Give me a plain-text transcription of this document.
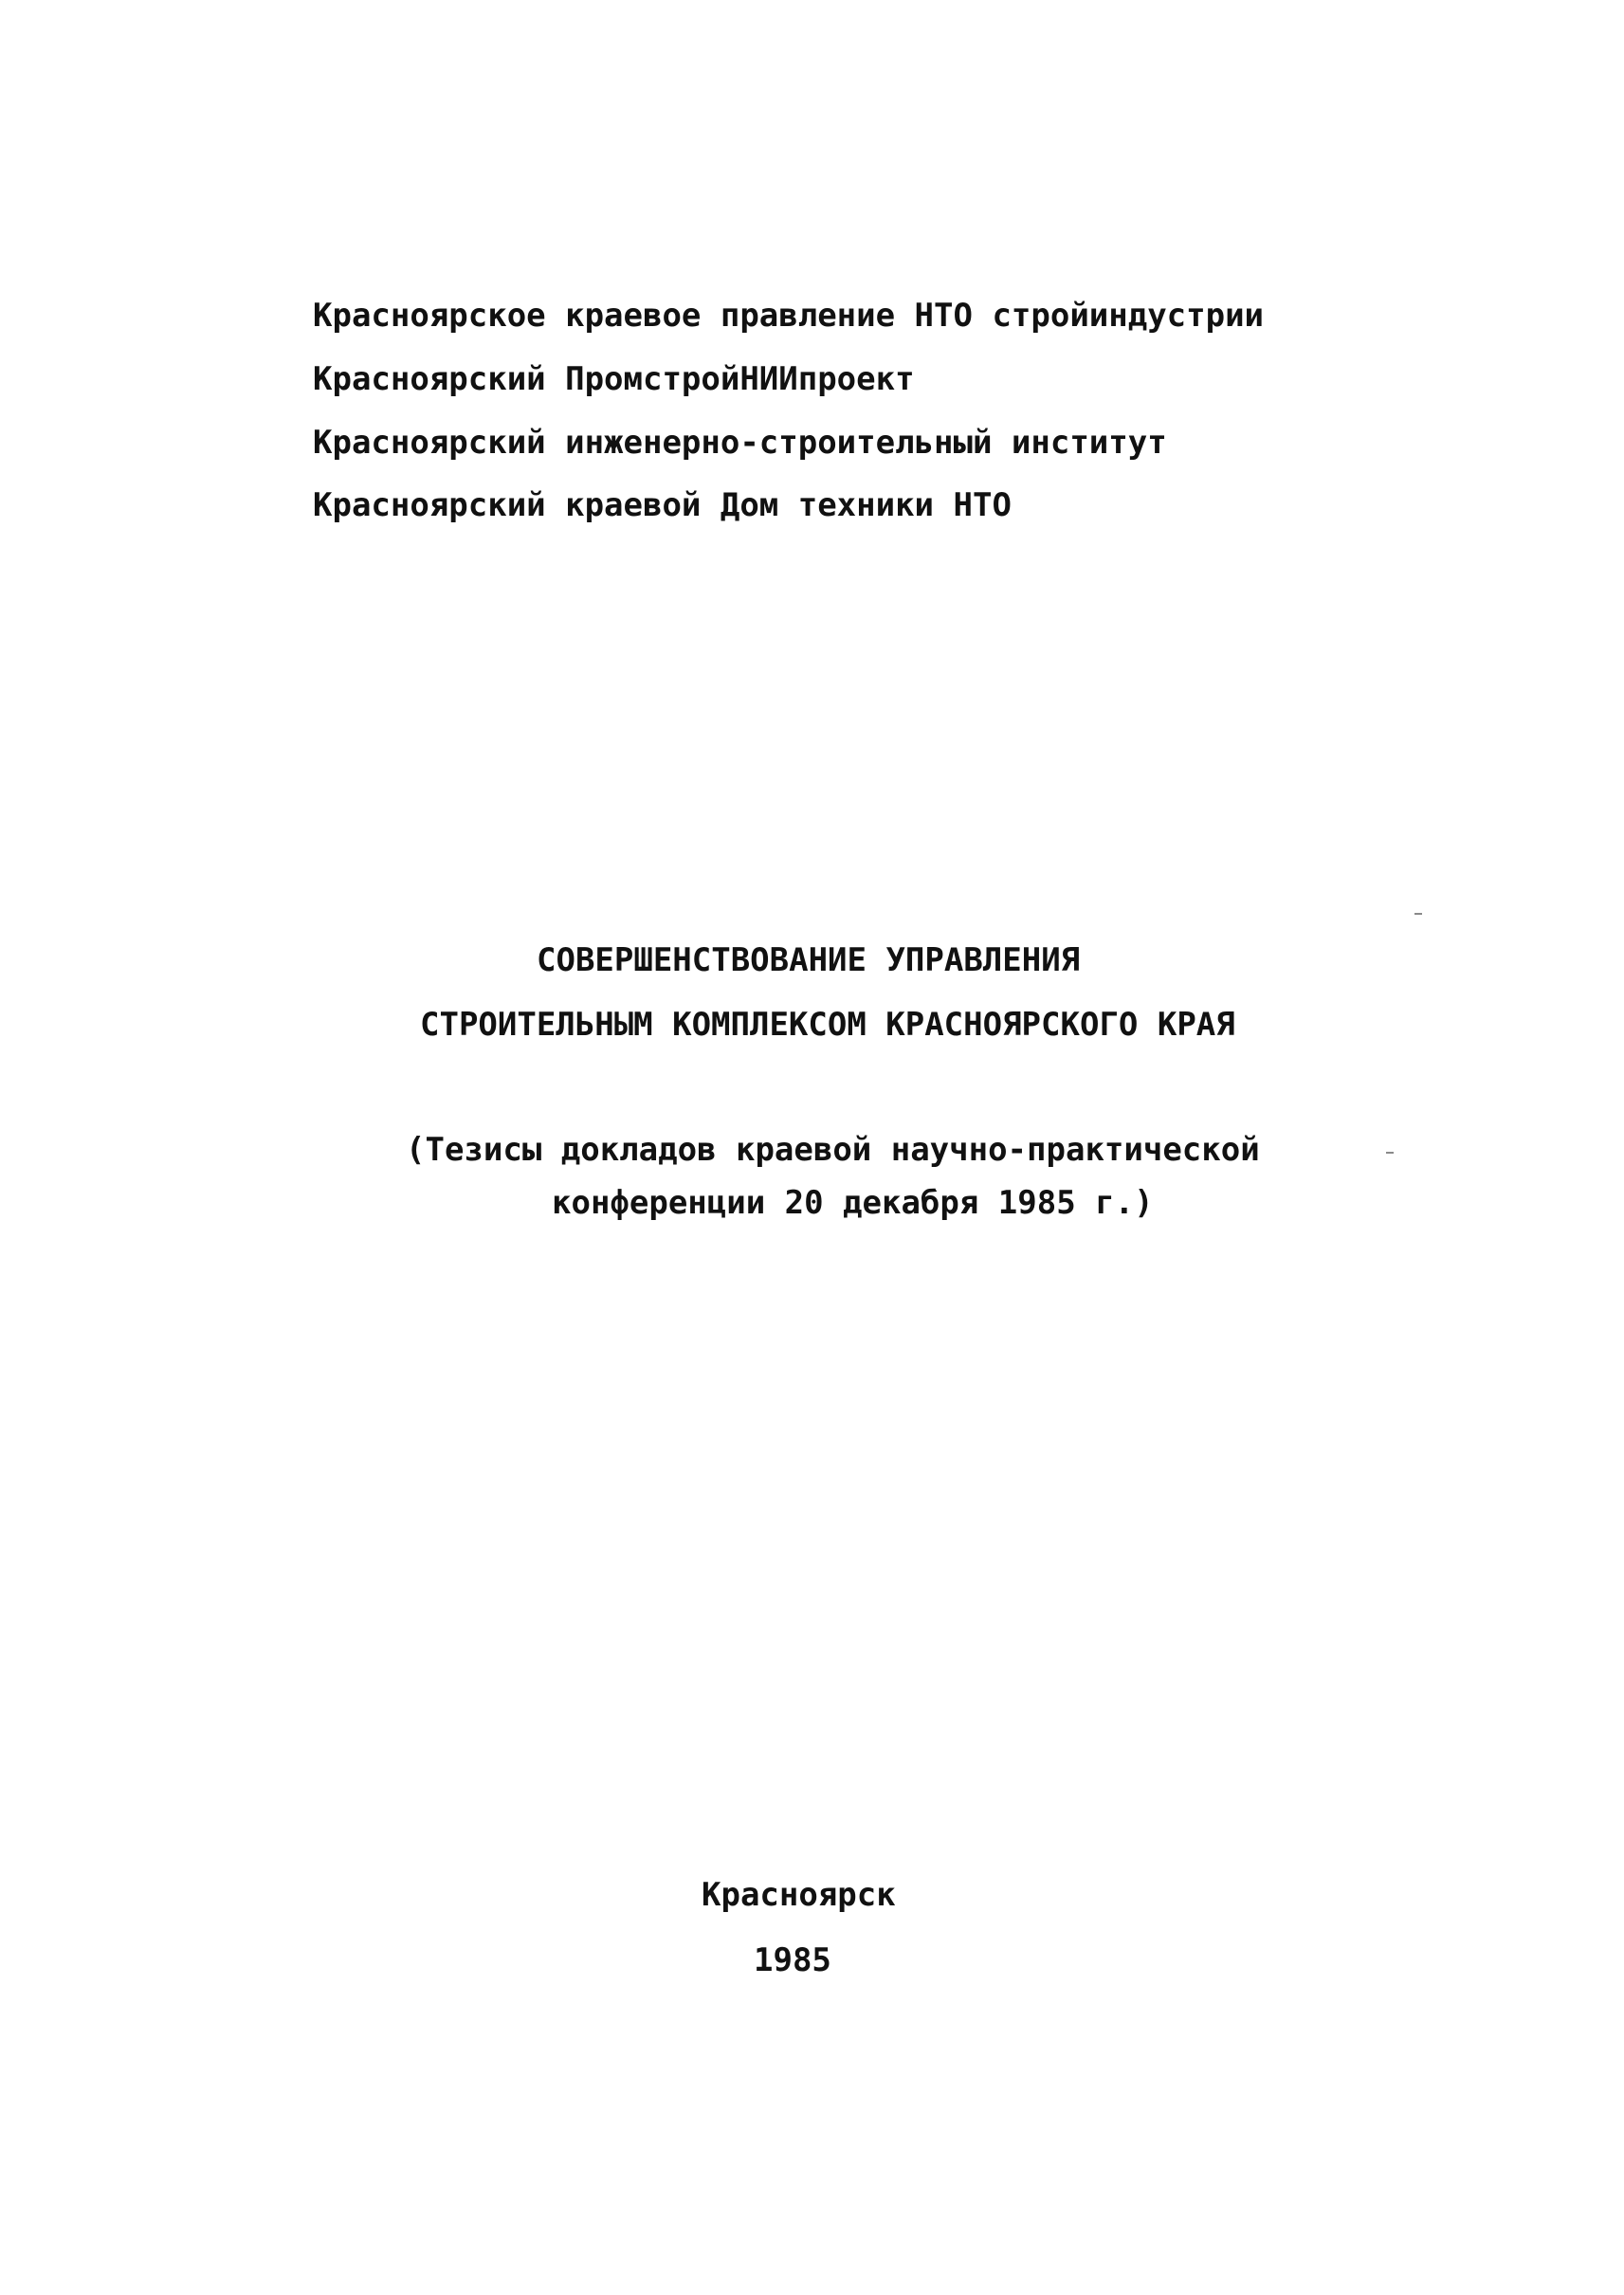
Красноярское краевое правление НТО стройиндустрии
Красноярский ПромстройНИИпроект
Красноярский инженерно-строительный институт
Красноярский краевой Дом техники НТО
СОВЕРШЕНСТВОВАНИЕ УПРАВЛЕНИЯ
СТРОИТЕЛЬНЫМ КОМПЛЕКСОМ КРАСНОЯРСКОГО КРАЯ
(Тезисы докладов краевой научно-практической
конференции 20 декабря 1985 г.)
Красноярск
1985
